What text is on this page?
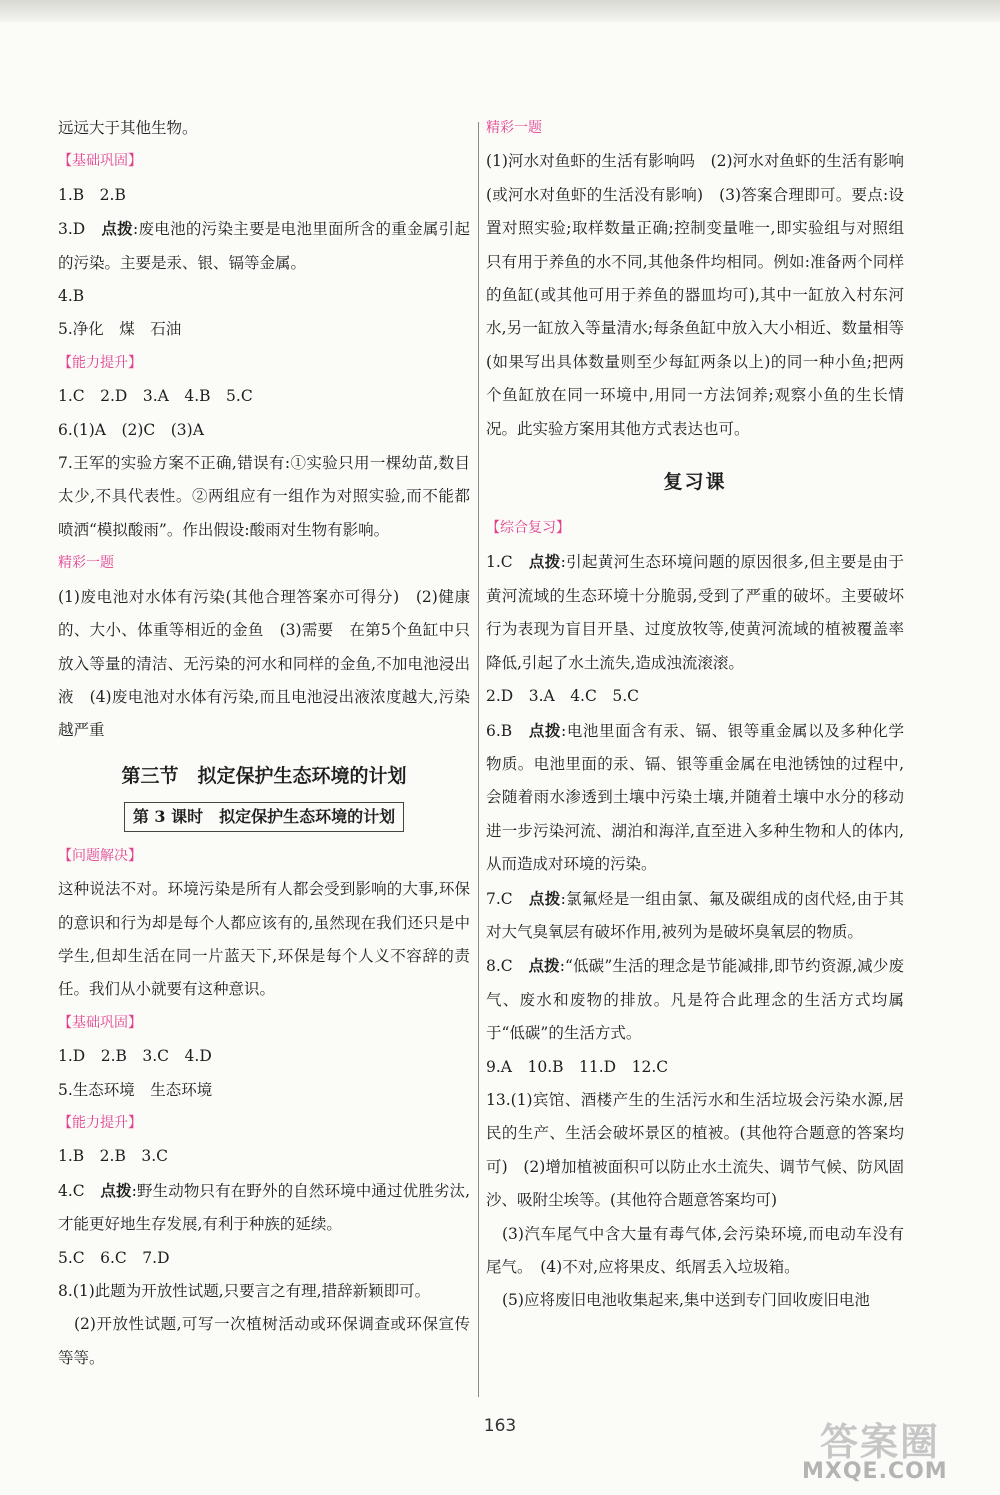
远远大于其他生物。

【基础巩固】

1.B　2.B

3.D　点拨:废电池的污染主要是电池里面所含的重金属引起的污染。主要是汞、银、镉等金属。

4.B

5.净化　煤　石油

【能力提升】

1.C　2.D　3.A　4.B　5.C

6.(1)A　(2)C　(3)A

7.王军的实验方案不正确,错误有:①实验只用一棵幼苗,数目太少,不具代表性。②两组应有一组作为对照实验,而不能都喷洒“模拟酸雨”。作出假设:酸雨对生物有影响。

精彩一题

(1)废电池对水体有污染(其他合理答案亦可得分)　(2)健康的、大小、体重等相近的金鱼　(3)需要　在第5个鱼缸中只放入等量的清洁、无污染的河水和同样的金鱼,不加电池浸出液　(4)废电池对水体有污染,而且电池浸出液浓度越大,污染越严重

第三节　拟定保护生态环境的计划

第 3 课时　拟定保护生态环境的计划

【问题解决】

这种说法不对。环境污染是所有人都会受到影响的大事,环保的意识和行为却是每个人都应该有的,虽然现在我们还只是中学生,但却生活在同一片蓝天下,环保是每个人义不容辞的责任。我们从小就要有这种意识。

【基础巩固】

1.D　2.B　3.C　4.D

5.生态环境　生态环境

【能力提升】

1.B　2.B　3.C

4.C　点拨:野生动物只有在野外的自然环境中通过优胜劣汰,才能更好地生存发展,有利于种族的延续。

5.C　6.C　7.D

8.(1)此题为开放性试题,只要言之有理,措辞新颖即可。

(2)开放性试题,可写一次植树活动或环保调查或环保宣传等等。

精彩一题

(1)河水对鱼虾的生活有影响吗　(2)河水对鱼虾的生活有影响(或河水对鱼虾的生活没有影响)　(3)答案合理即可。要点:设置对照实验;取样数量正确;控制变量唯一,即实验组与对照组只有用于养鱼的水不同,其他条件均相同。例如:准备两个同样的鱼缸(或其他可用于养鱼的器皿均可),其中一缸放入村东河水,另一缸放入等量清水;每条鱼缸中放入大小相近、数量相等(如果写出具体数量则至少每缸两条以上)的同一种小鱼;把两个鱼缸放在同一环境中,用同一方法饲养;观察小鱼的生长情况。此实验方案用其他方式表达也可。

复习课

【综合复习】

1.C　点拨:引起黄河生态环境问题的原因很多,但主要是由于黄河流域的生态环境十分脆弱,受到了严重的破坏。主要破坏行为表现为盲目开垦、过度放牧等,使黄河流域的植被覆盖率降低,引起了水土流失,造成浊流滚滚。

2.D　3.A　4.C　5.C

6.B　点拨:电池里面含有汞、镉、银等重金属以及多种化学物质。电池里面的汞、镉、银等重金属在电池锈蚀的过程中,会随着雨水渗透到土壤中污染土壤,并随着土壤中水分的移动进一步污染河流、湖泊和海洋,直至进入多种生物和人的体内,从而造成对环境的污染。

7.C　点拨:氯氟烃是一组由氯、氟及碳组成的卤代烃,由于其对大气臭氧层有破坏作用,被列为是破坏臭氧层的物质。

8.C　点拨:“低碳”生活的理念是节能减排,即节约资源,减少废气、废水和废物的排放。凡是符合此理念的生活方式均属于“低碳”的生活方式。

9.A　10.B　11.D　12.C

13.(1)宾馆、酒楼产生的生活污水和生活垃圾会污染水源,居民的生产、生活会破坏景区的植被。(其他符合题意的答案均可)　(2)增加植被面积可以防止水土流失、调节气候、防风固沙、吸附尘埃等。(其他符合题意答案均可)

(3)汽车尾气中含大量有毒气体,会污染环境,而电动车没有尾气。　(4)不对,应将果皮、纸屑丢入垃圾箱。

(5)应将废旧电池收集起来,集中送到专门回收废旧电池

163	答案圈
MXQE.COM
